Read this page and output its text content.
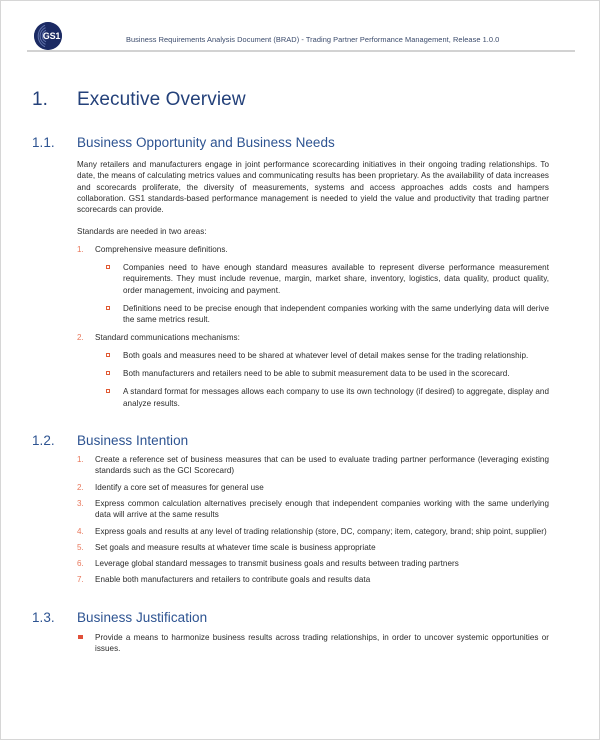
GS1	Business Requirements Analysis Document (BRAD) - Trading Partner Performance Management, Release 1.0.0
1.	Executive Overview
1.1.	Business Opportunity and Business Needs

Many retailers and manufacturers engage in joint performance scorecarding initiatives in their ongoing trading relationships. To date, the means of calculating metrics values and communicating results has been proprietary. As the availability of data increases and scorecards proliferate, the diversity of measurements, systems and access approaches adds costs and hampers collaboration. GS1 standards-based performance management is needed to yield the value and productivity that trading partner scorecards can provide.

Standards are needed in two areas:

1.	Comprehensive measure definitions.
Companies need to have enough standard measures available to represent diverse performance measurement requirements. They must include revenue, margin, market share, inventory, logistics, data quality, product quality, order management, invoicing and payment.
Definitions need to be precise enough that independent companies working with the same underlying data will derive the same metrics result.
2.	Standard communications mechanisms:
Both goals and measures need to be shared at whatever level of detail makes sense for the trading relationship.
Both manufacturers and retailers need to be able to submit measurement data to be used in the scorecard.
A standard format for messages allows each company to use its own technology (if desired) to aggregate, display and analyze results.
1.2.	Business Intention
1.	Create a reference set of business measures that can be used to evaluate trading partner performance (leveraging existing standards such as the GCI Scorecard)
2.	Identify a core set of measures for general use
3.	Express common calculation alternatives precisely enough that independent companies working with the same underlying data will arrive at the same results
4.	Express goals and results at any level of trading relationship (store, DC, company; item, category, brand; ship point, supplier)
5.	Set goals and measure results at whatever time scale is business appropriate
6.	Leverage global standard messages to transmit business goals and results between trading partners
7.	Enable both manufacturers and retailers to contribute goals and results data
1.3.	Business Justification
Provide a means to harmonize business results across trading relationships, in order to uncover systemic opportunities or issues.
